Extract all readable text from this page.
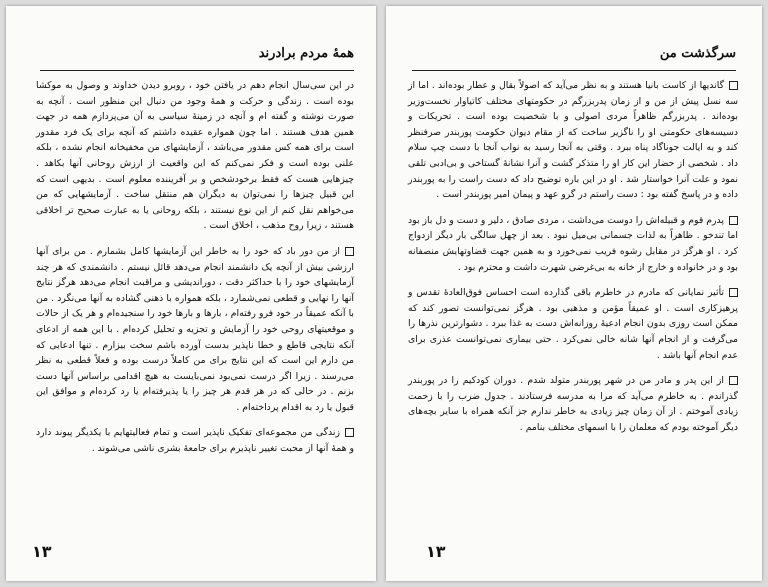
همهٔ مردم برادرند

در این سی‌سال انجام دهم در یافتن خود ، روبرو دیدن خداوند و وصول به موکشا بوده است . زندگی و حرکت و همهٔ وجود من دنبال این منظور است . آنچه به صورت نوشته و گفته ام و آنچه در زمینهٔ سیاسی به آن می‌پردازم همه در جهت همین هدف هستند . اما چون همواره عقیده داشتم که آنچه برای یک فرد مقدور است برای همه کس مقدور می‌باشد ، آزمایشهای من مخفیخانه انجام نشده ، بلکه علنی بوده است و فکر نمی‌کنم که این واقعیت از ارزش روحانی آنها بکاهد . چیزهایی هست که فقط برخودشخص و بر آفریننده معلوم است . بدیهی است که این قبیل چیزها را نمی‌توان به دیگران هم منتقل ساخت . آزمایشهایی که من می‌خواهم نقل کنم از این نوع نیستند ، بلکه روحانی یا به عبارت صحیح تر اخلاقی هستند ، زیرا روح مذهب ، اخلاق است .

از من دور باد که خود را به خاطر این آزمایشها کامل بشمارم . من برای آنها ارزشی بیش از آنچه یک دانشمند انجام می‌دهد قائل نیستم . دانشمندی که هر چند آزمایشهای خود را با حداکثر دقت ، دوراندیشی و مراقبت انجام می‌دهد هرگز نتایج آنها را نهایی و قطعی نمی‌شمارد ، بلکه همواره با ذهنی گشاده به آنها می‌نگرد . من با آنکه عمیقاً در خود فرو رفته‌ام ، بارها و بارها خود را سنجیده‌ام و هر یک از حالات و موقعیتهای روحی خود را آزمایش و تجزیه و تحلیل کرده‌ام . با این همه از ادعای آنکه نتایجی قاطع و خطا ناپذیر بدست آورده باشم سخت بیزارم . تنها ادعایی که من دارم این است که این نتایج برای من کاملاً درست بوده و فعلاً قطعی به نظر می‌رسند . زیرا اگر درست نمی‌بود نمی‌بایست به هیچ اقدامی براساس آنها دست بزنم . در حالی که در هر قدم هر چیز را یا پذیرفته‌ام یا رد کرده‌ام و موافق این قبول یا رد به اقدام پرداخته‌ام .

زندگی من مجموعه‌ای تفکیک ناپذیر است و تمام فعالیتهایم با یکدیگر پیوند دارد و همهٔ آنها از محبت تغییر ناپذیرم برای جامعهٔ بشری ناشی می‌شوند .

۱۳
سرگذشت من

گاندیها از کاست بانیا هستند و به نظر می‌آید که اصولاً بقال و عطار بوده‌اند . اما از سه نسل پیش از من و از زمان پدربزرگم در حکومتهای مختلف کاتیاوار نخست‌وزیر بوده‌اند . پدربزرگم ظاهراً مردی اصولی و با شخصیت بوده است . تحریکات و دسیسه‌های حکومتی او را ناگزیر ساخت که از مقام دیوان حکومت پوربندر صرفنظر کند و به ایالت جوناگاد پناه ببرد . وقتی به آنجا رسید به نواب آنجا با دست چپ سلام داد . شخصی از حضار این کار او را متذکر گشت و آنرا نشانهٔ گستاخی و بی‌ادبی تلقی نمود و علت آنرا خواستار شد . او در این باره توضیح داد که دست راست را به پوربندر داده و در پاسخ گفته بود : دست راستم در گرو عهد و پیمان امیر پوربندر است .

پدرم قوم و قبیله‌اش را دوست می‌داشت ، مردی صادق ، دلیر و دست و دل باز بود اما تندخو . ظاهراً به لذات جسمانی بی‌میل نبود . بعد از چهل سالگی بار دیگر ازدواج کرد . او هرگز در مقابل رشوه فریب نمی‌خورد و به همین جهت قضاوتهایش منصفانه بود و در خانواده و خارج از خانه به بی‌غرضی شهرت داشت و محترم بود .

تأثیر نمایانی که مادرم در خاطرم باقی گذارده است احساس فوق‌العادهٔ تقدس و پرهیزکاری است . او عمیقاً مؤمن و مذهبی بود . هرگز نمی‌توانست تصور کند که ممکن است روزی بدون انجام ادعیهٔ روزانه‌اش دست به غذا ببرد . دشوارترین نذرها را می‌گرفت و از انجام آنها شانه خالی نمی‌کرد . حتی بیماری نمی‌توانست عذری برای عدم انجام آنها باشد .

از این پدر و مادر من در شهر پوربندر متولد شدم . دوران کودکیم را در پوربندر گذراندم . به خاطرم می‌آید که مرا به مدرسه فرستادند . جدول ضرب را با زحمت زیادی آموختم . از آن زمان چیز زیادی به خاطر ندارم جز آنکه همراه با سایر بچه‌های دیگر آموخته بودم که معلمان را با اسمهای مختلف بنامم .

۱۳
